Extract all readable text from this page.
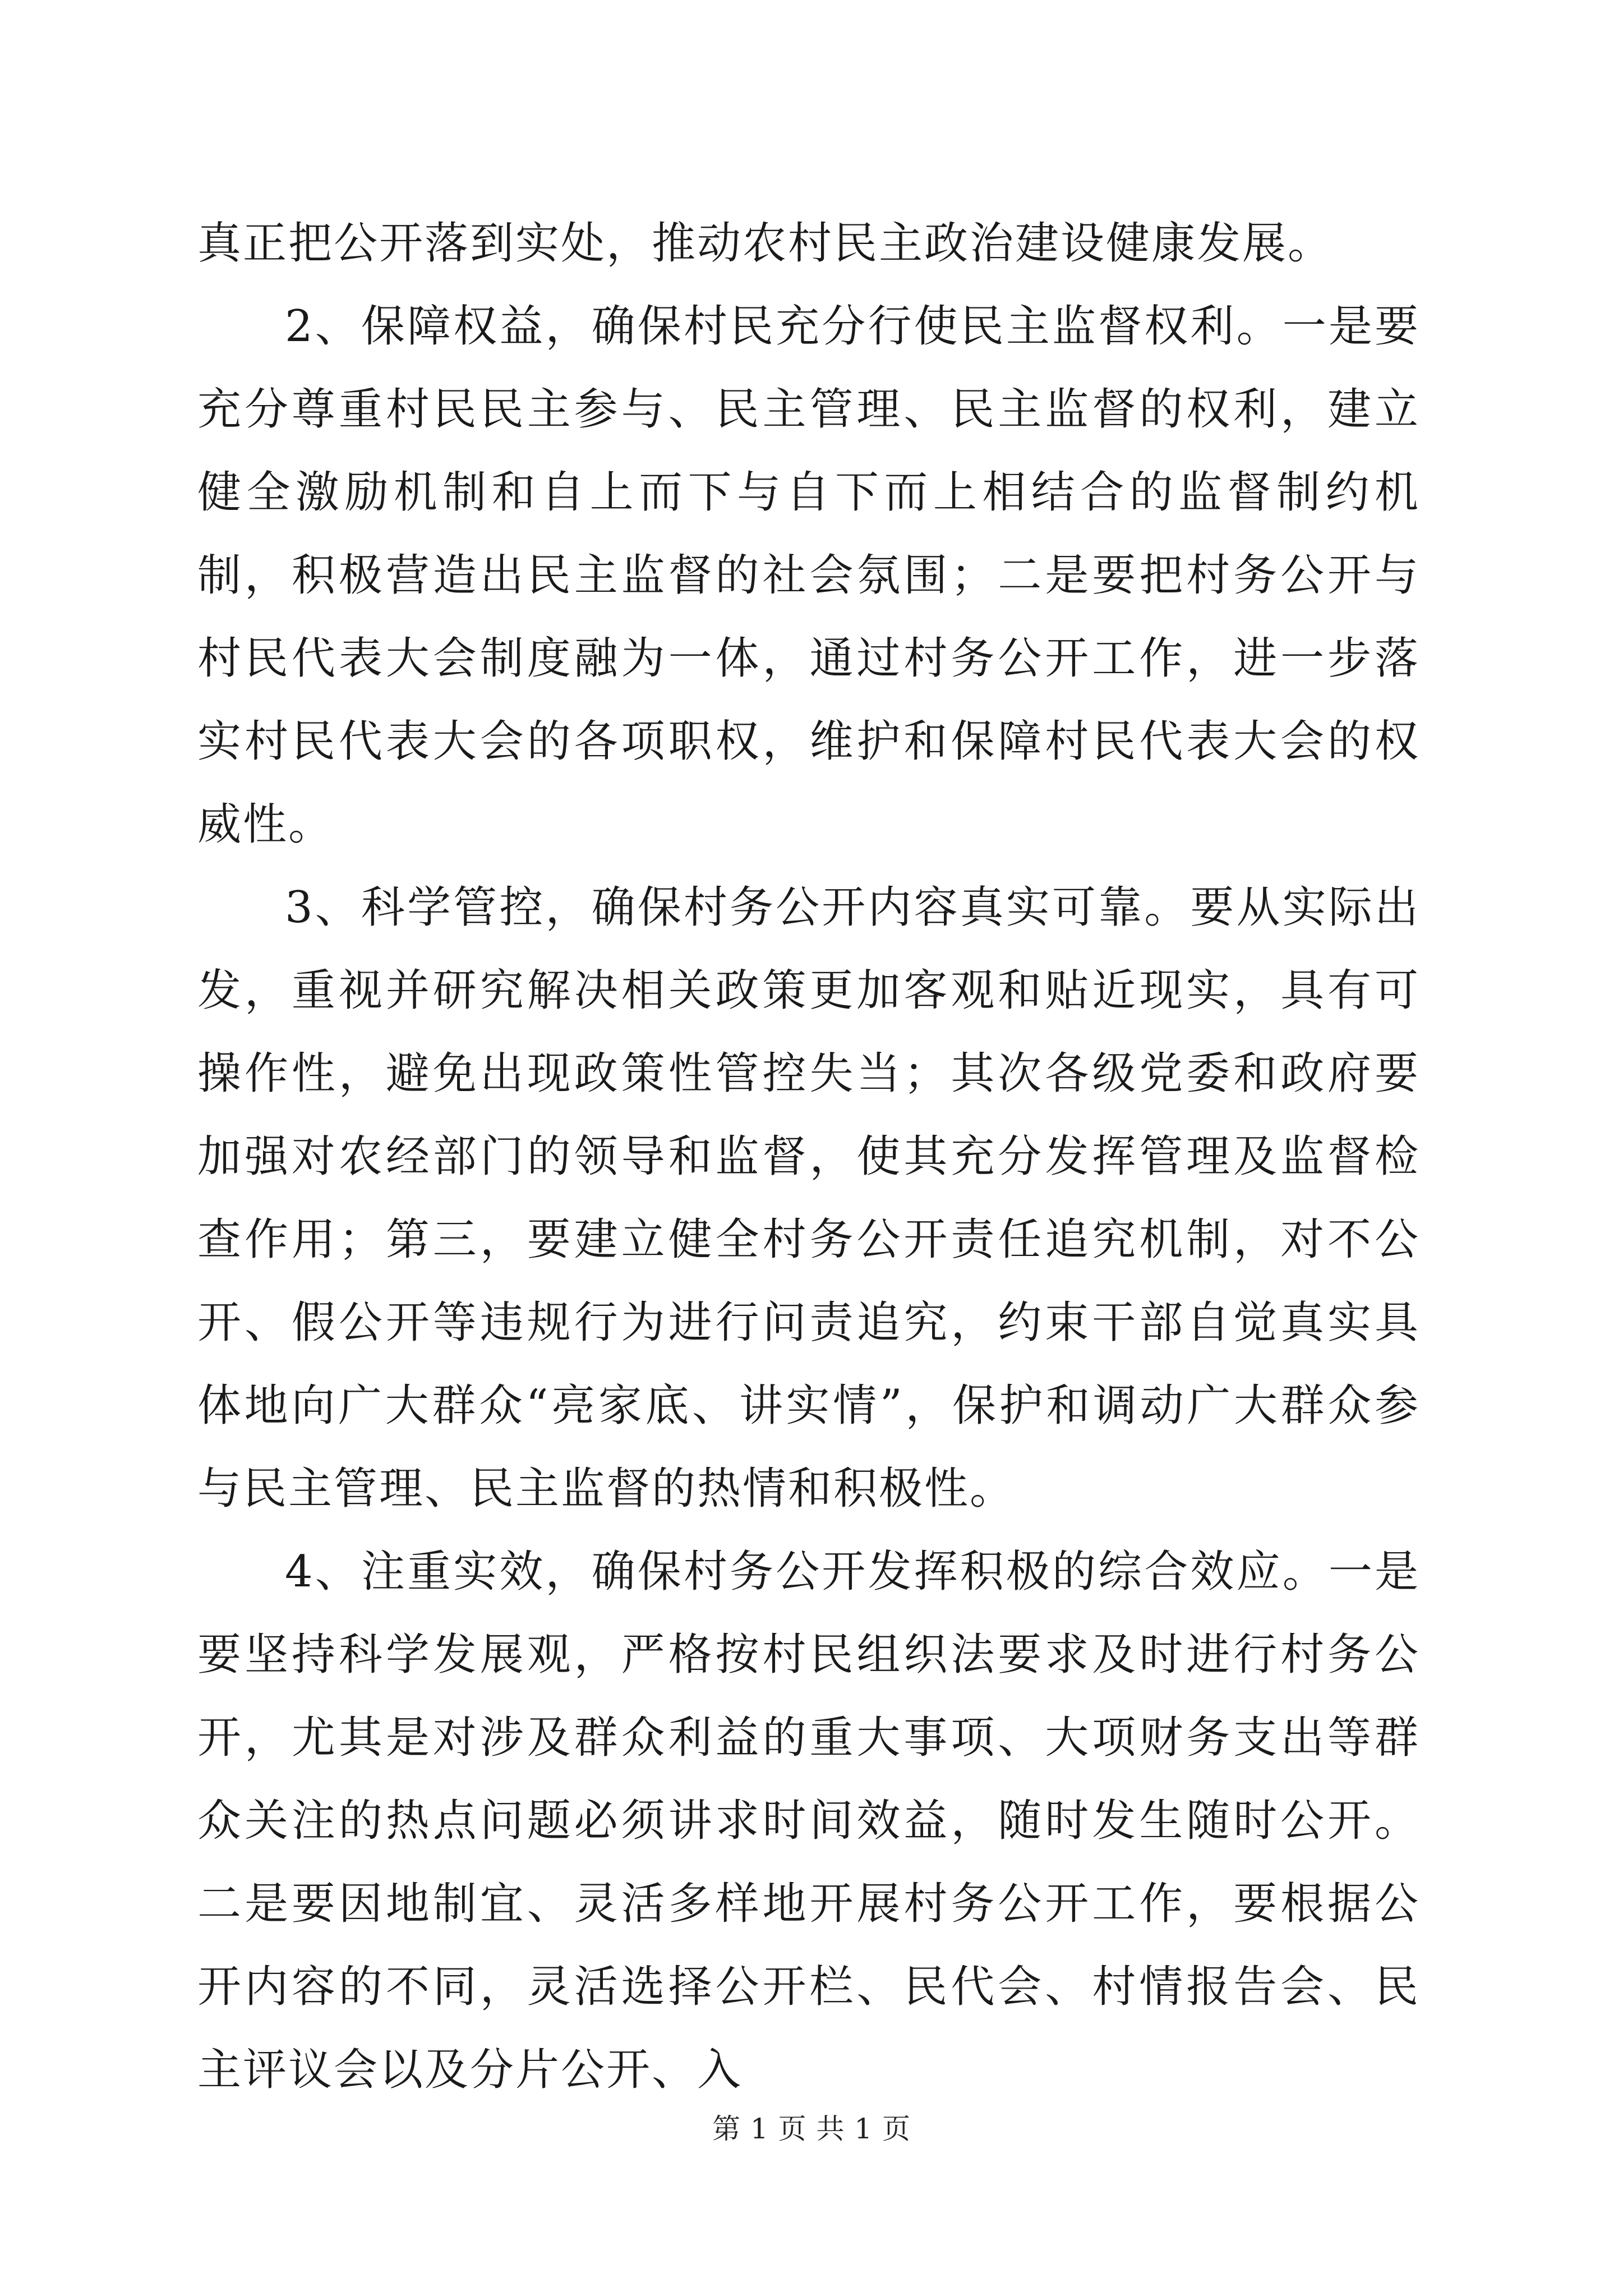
真正把公开落到实处，推动农村民主政治建设健康发展。

2、保障权益，确保村民充分行使民主监督权利。一是要充分尊重村民民主参与、民主管理、民主监督的权利，建立健全激励机制和自上而下与自下而上相结合的监督制约机制，积极营造出民主监督的社会氛围；二是要把村务公开与村民代表大会制度融为一体，通过村务公开工作，进一步落实村民代表大会的各项职权，维护和保障村民代表大会的权威性。

3、科学管控，确保村务公开内容真实可靠。要从实际出发，重视并研究解决相关政策更加客观和贴近现实，具有可操作性，避免出现政策性管控失当；其次各级党委和政府要加强对农经部门的领导和监督，使其充分发挥管理及监督检查作用；第三，要建立健全村务公开责任追究机制，对不公开、假公开等违规行为进行问责追究，约束干部自觉真实具体地向广大群众“亮家底、讲实情”，保护和调动广大群众参与民主管理、民主监督的热情和积极性。

4、注重实效，确保村务公开发挥积极的综合效应。一是要坚持科学发展观，严格按村民组织法要求及时进行村务公开，尤其是对涉及群众利益的重大事项、大项财务支出等群众关注的热点问题必须讲求时间效益，随时发生随时公开。二是要因地制宜、灵活多样地开展村务公开工作，要根据公开内容的不同，灵活选择公开栏、民代会、村情报告会、民主评议会以及分片公开、入

第 1 页 共 1 页
